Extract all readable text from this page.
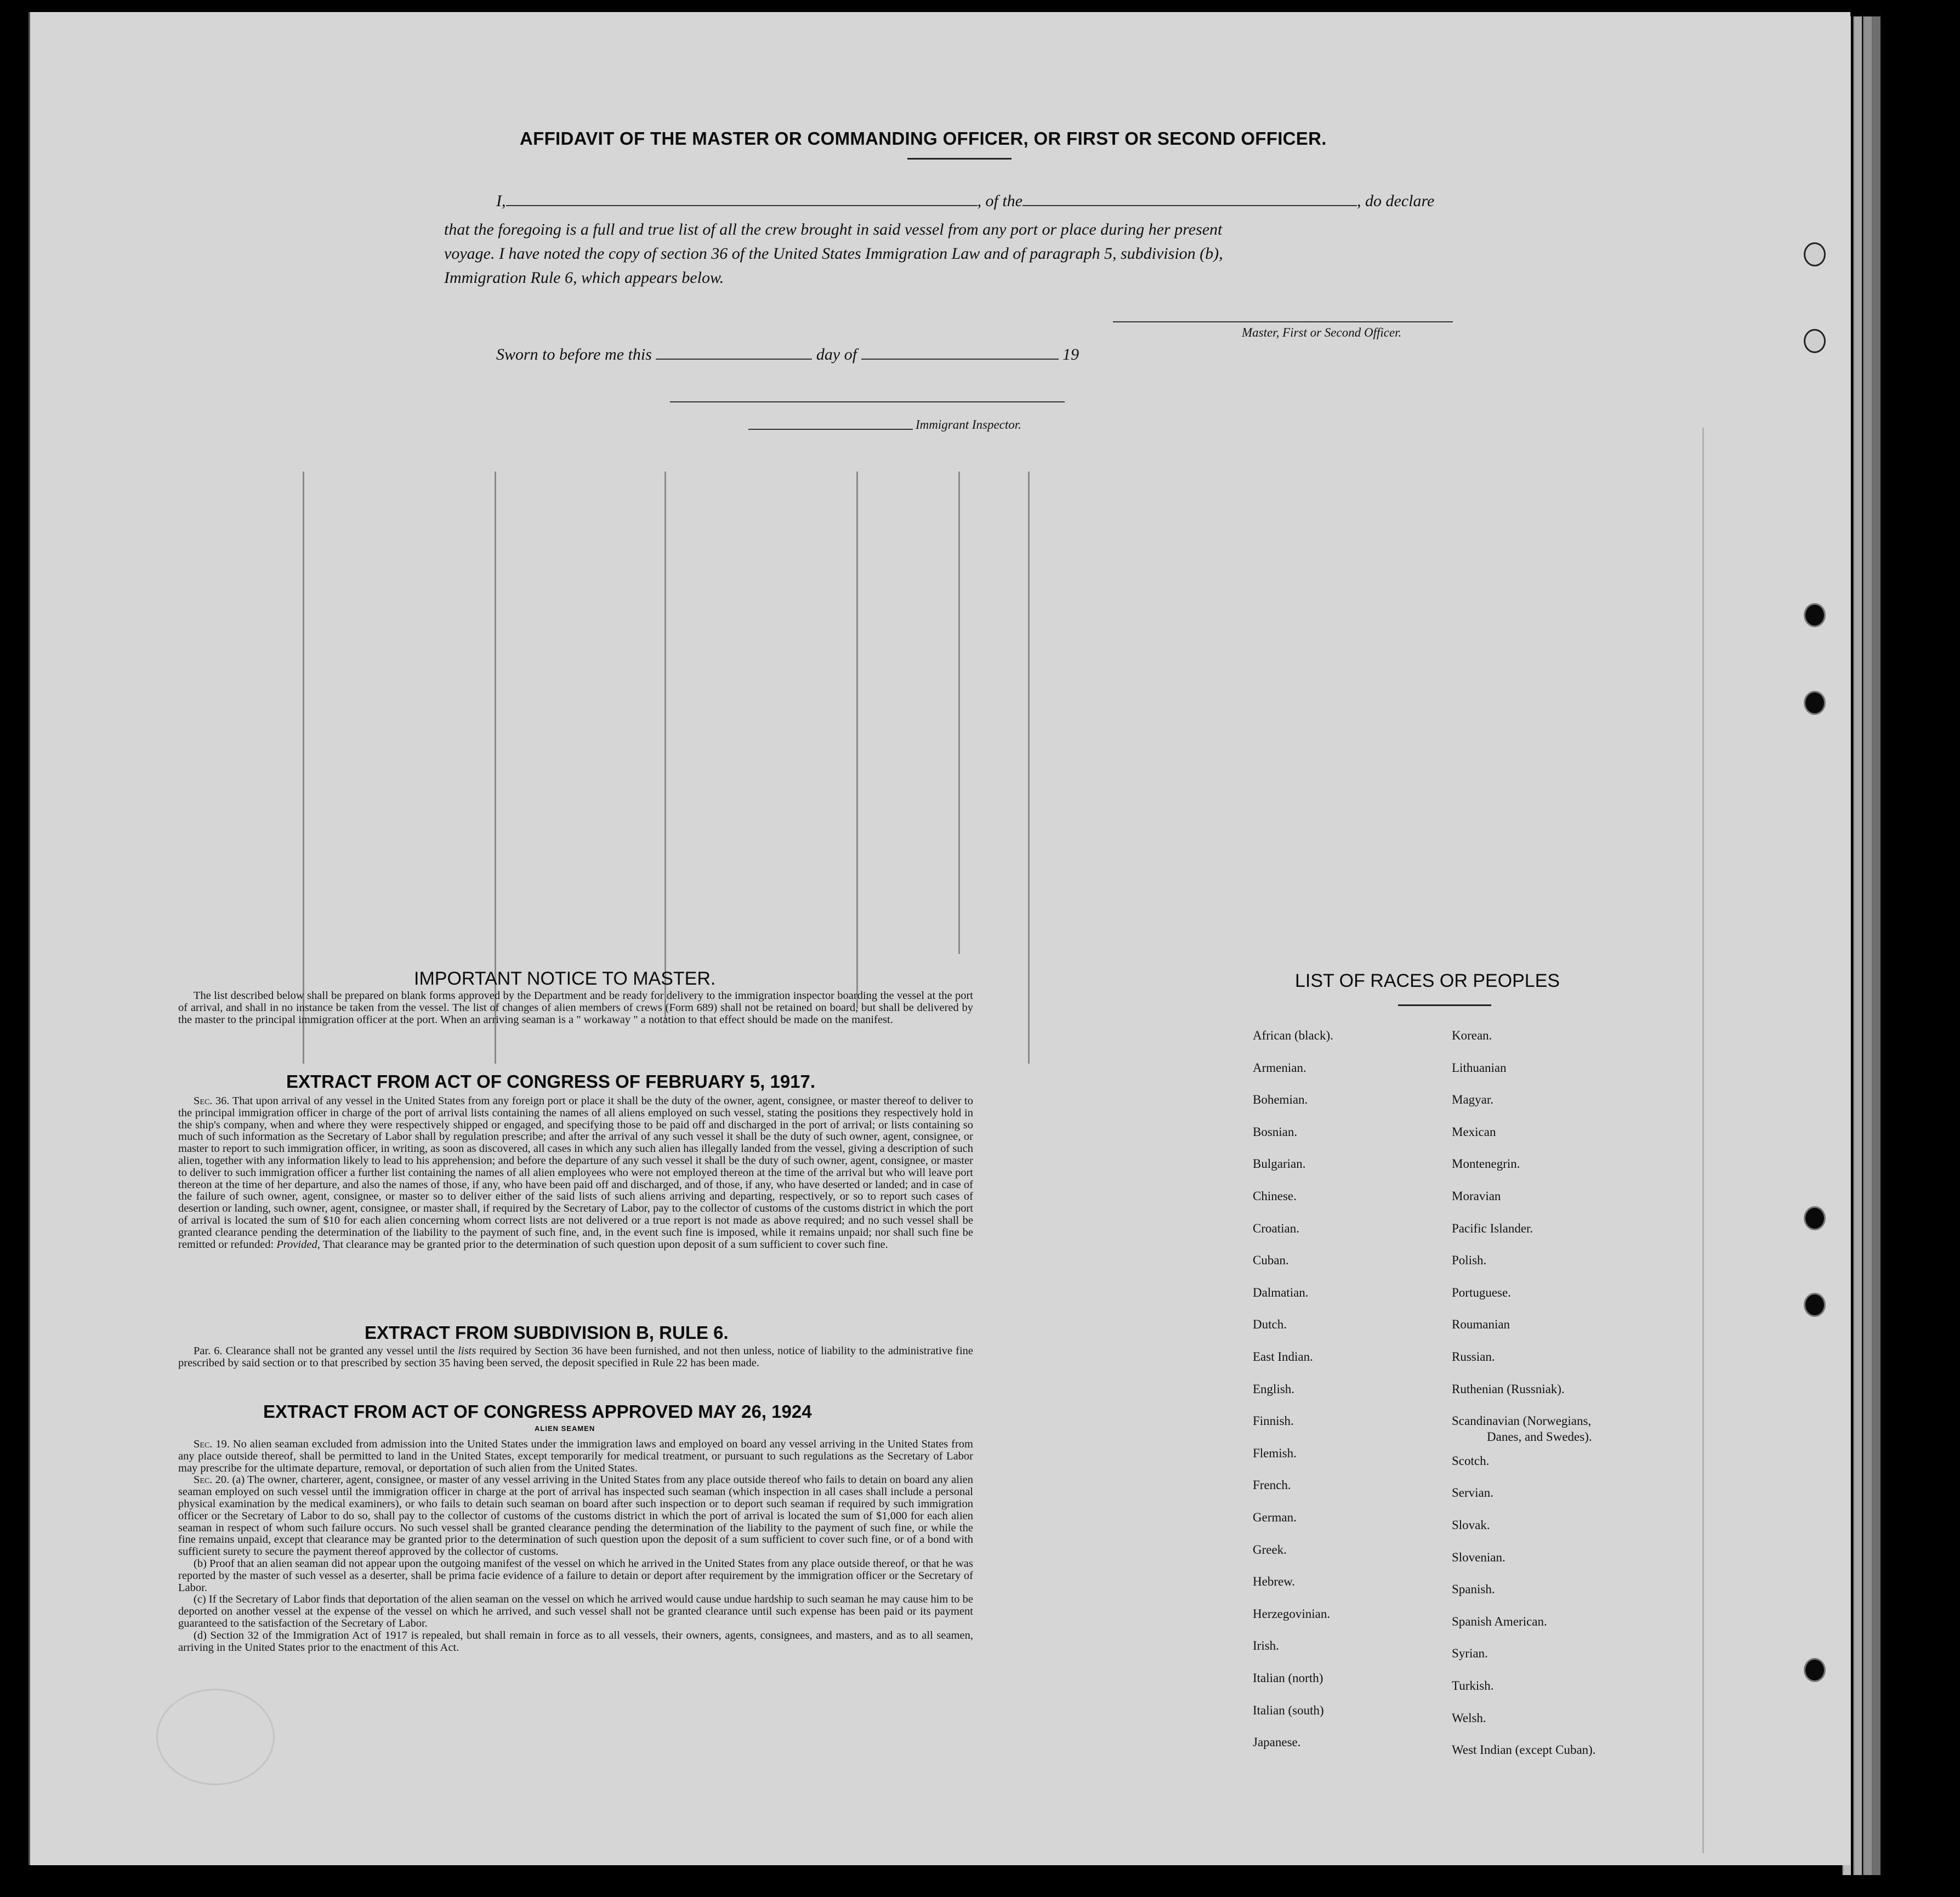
AFFIDAVIT OF THE MASTER OR COMMANDING OFFICER, OR FIRST OR SECOND OFFICER.
I,	, of the	, do declare
that the foregoing is a full and true list of all the crew brought in said vessel from any port or place during her present
voyage. I have noted the copy of section 36 of the United States Immigration Law and of paragraph 5, subdivision (b),
Immigration Rule 6, which appears below.
Master, First or Second Officer.
Sworn to before me this	day of	19
Immigrant Inspector.
IMPORTANT NOTICE TO MASTER.

The list described below shall be prepared on blank forms approved by the Department and be ready for delivery to the immigration inspector boarding the vessel at the port of arrival, and shall in no instance be taken from the vessel. The list of changes of alien members of crews (Form 689) shall not be retained on board, but shall be delivered by the master to the principal immigration officer at the port. When an arriving seaman is a " workaway " a notation to that effect should be made on the manifest.

EXTRACT FROM ACT OF CONGRESS OF FEBRUARY 5, 1917.

Sec. 36. That upon arrival of any vessel in the United States from any foreign port or place it shall be the duty of the owner, agent, consignee, or master thereof to deliver to the principal immigration officer in charge of the port of arrival lists containing the names of all aliens employed on such vessel, stating the positions they respectively hold in the ship's company, when and where they were respectively shipped or engaged, and specifying those to be paid off and discharged in the port of arrival; or lists containing so much of such information as the Secretary of Labor shall by regulation prescribe; and after the arrival of any such vessel it shall be the duty of such owner, agent, consignee, or master to report to such immigration officer, in writing, as soon as discovered, all cases in which any such alien has illegally landed from the vessel, giving a description of such alien, together with any information likely to lead to his apprehension; and before the departure of any such vessel it shall be the duty of such owner, agent, consignee, or master to deliver to such immigration officer a further list containing the names of all alien employees who were not employed thereon at the time of the arrival but who will leave port thereon at the time of her departure, and also the names of those, if any, who have been paid off and discharged, and of those, if any, who have deserted or landed; and in case of the failure of such owner, agent, consignee, or master so to deliver either of the said lists of such aliens arriving and departing, respectively, or so to report such cases of desertion or landing, such owner, agent, consignee, or master shall, if required by the Secretary of Labor, pay to the collector of customs of the customs district in which the port of arrival is located the sum of $10 for each alien concerning whom correct lists are not delivered or a true report is not made as above required; and no such vessel shall be granted clearance pending the determination of the liability to the payment of such fine, and, in the event such fine is imposed, while it remains unpaid; nor shall such fine be remitted or refunded: Provided, That clearance may be granted prior to the determination of such question upon deposit of a sum sufficient to cover such fine.

EXTRACT FROM SUBDIVISION B, RULE 6.

Par. 6. Clearance shall not be granted any vessel until the lists required by Section 36 have been furnished, and not then unless, notice of liability to the administrative fine prescribed by said section or to that prescribed by section 35 having been served, the deposit specified in Rule 22 has been made.

EXTRACT FROM ACT OF CONGRESS APPROVED MAY 26, 1924
ALIEN SEAMEN

Sec. 19. No alien seaman excluded from admission into the United States under the immigration laws and employed on board any vessel arriving in the United States from any place outside thereof, shall be permitted to land in the United States, except temporarily for medical treatment, or pursuant to such regulations as the Secretary of Labor may prescribe for the ultimate departure, removal, or deportation of such alien from the United States.

Sec. 20. (a) The owner, charterer, agent, consignee, or master of any vessel arriving in the United States from any place outside thereof who fails to detain on board any alien seaman employed on such vessel until the immigration officer in charge at the port of arrival has inspected such seaman (which inspection in all cases shall include a personal physical examination by the medical examiners), or who fails to detain such seaman on board after such inspection or to deport such seaman if required by such immigration officer or the Secretary of Labor to do so, shall pay to the collector of customs of the customs district in which the port of arrival is located the sum of $1,000 for each alien seaman in respect of whom such failure occurs. No such vessel shall be granted clearance pending the determination of the liability to the payment of such fine, or while the fine remains unpaid, except that clearance may be granted prior to the determination of such question upon the deposit of a sum sufficient to cover such fine, or of a bond with sufficient surety to secure the payment thereof approved by the collector of customs.

(b) Proof that an alien seaman did not appear upon the outgoing manifest of the vessel on which he arrived in the United States from any place outside thereof, or that he was reported by the master of such vessel as a deserter, shall be prima facie evidence of a failure to detain or deport after requirement by the immigration officer or the Secretary of Labor.

(c) If the Secretary of Labor finds that deportation of the alien seaman on the vessel on which he arrived would cause undue hardship to such seaman he may cause him to be deported on another vessel at the expense of the vessel on which he arrived, and such vessel shall not be granted clearance until such expense has been paid or its payment guaranteed to the satisfaction of the Secretary of Labor.

(d) Section 32 of the Immigration Act of 1917 is repealed, but shall remain in force as to all vessels, their owners, agents, consignees, and masters, and as to all seamen, arriving in the United States prior to the enactment of this Act.

LIST OF RACES OR PEOPLES
African (black).
Armenian.
Bohemian.
Bosnian.
Bulgarian.
Chinese.
Croatian.
Cuban.
Dalmatian.
Dutch.
East Indian.
English.
Finnish.
Flemish.
French.
German.
Greek.
Hebrew.
Herzegovinian.
Irish.
Italian (north)
Italian (south)
Japanese.
Korean.
Lithuanian
Magyar.
Mexican
Montenegrin.
Moravian
Pacific Islander.
Polish.
Portuguese.
Roumanian
Russian.
Ruthenian (Russniak).
Scandinavian (Norwegians,
Danes, and Swedes).
Scotch.
Servian.
Slovak.
Slovenian.
Spanish.
Spanish American.
Syrian.
Turkish.
Welsh.
West Indian (except Cuban).
